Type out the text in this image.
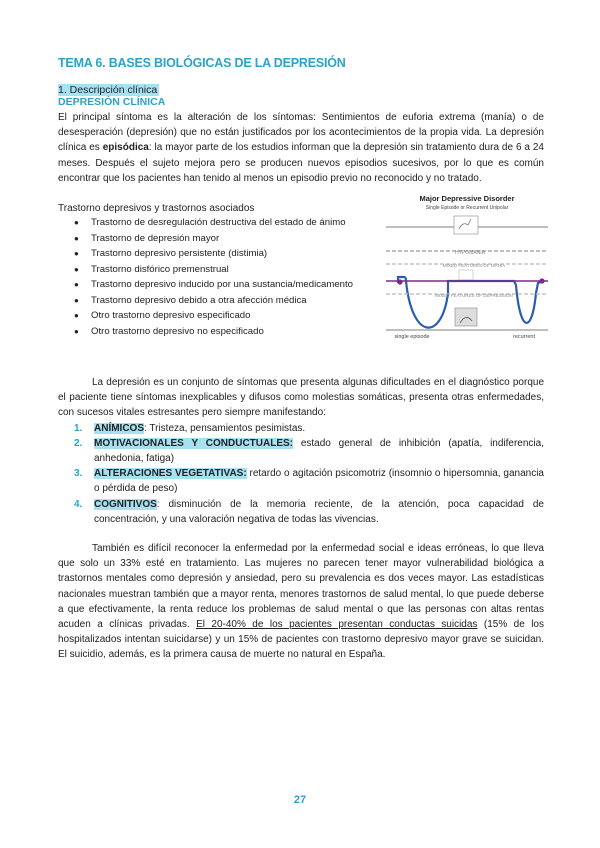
TEMA 6. BASES BIOLÓGICAS DE LA DEPRESIÓN
1. Descripción clínica
DEPRESIÓN CLÍNICA

El principal síntoma es la alteración de los síntomas: Sentimientos de euforia extrema (manía) o de desesperación (depresión) que no están justificados por los acontecimientos de la propia vida. La depresión clínica es episódica: la mayor parte de los estudios informan que la depresión sin tratamiento dura de 6 a 24 meses. Después el sujeto mejora pero se producen nuevos episodios sucesivos, por lo que es común encontrar que los pacientes han tenido al menos un episodio previo no reconocido y no tratado.

Trastorno depresivos y trastornos asociados
● Trastorno de desregulación destructiva del estado de ánimo
● Trastorno de depresión mayor
● Trastorno depresivo persistente (distimia)
● Trastorno disfórico premenstrual
● Trastorno depresivo inducido por una sustancia/medicamento
● Trastorno depresivo debido a otra afección médica
● Otro trastorno depresivo especificado
● Otro trastorno depresivo no especificado
Major Depressive Disorder
Single Episode or Recurrent Unipolar
HYPOMANIA
MIXED FEATURES OF MANIA
MIXED FEATURES OF DEPRESSION
single episode	recurrent

La depresión es un conjunto de síntomas que presenta algunas dificultades en el diagnóstico porque el paciente tiene síntomas inexplicables y difusos como molestias somáticas, presenta otras enfermedades, con sucesos vitales estresantes pero siempre manifestando:

1. ANÍMICOS: Tristeza, pensamientos pesimistas.
2. MOTIVACIONALES Y CONDUCTUALES: estado general de inhibición (apatía, indiferencia, anhedonia, fatiga)
3. ALTERACIONES VEGETATIVAS: retardo o agitación psicomotriz (insomnio o hipersomnia, ganancia o pérdida de peso)
4. COGNITIVOS: disminución de la memoria reciente, de la atención, poca capacidad de concentración, y una valoración negativa de todas las vivencias.

También es difícil reconocer la enfermedad por la enfermedad social e ideas erróneas, lo que lleva que solo un 33% esté en tratamiento. Las mujeres no parecen tener mayor vulnerabilidad biológica a trastornos mentales como depresión y ansiedad, pero su prevalencia es dos veces mayor. Las estadísticas nacionales muestran también que a mayor renta, menores trastornos de salud mental, lo que puede deberse a que efectivamente, la renta reduce los problemas de salud mental o que las personas con altas rentas acuden a clínicas privadas. El 20-40% de los pacientes presentan conductas suicidas (15% de los hospitalizados intentan suicidarse) y un 15% de pacientes con trastorno depresivo mayor grave se suicidan. El suicidio, además, es la primera causa de muerte no natural en España.

27
